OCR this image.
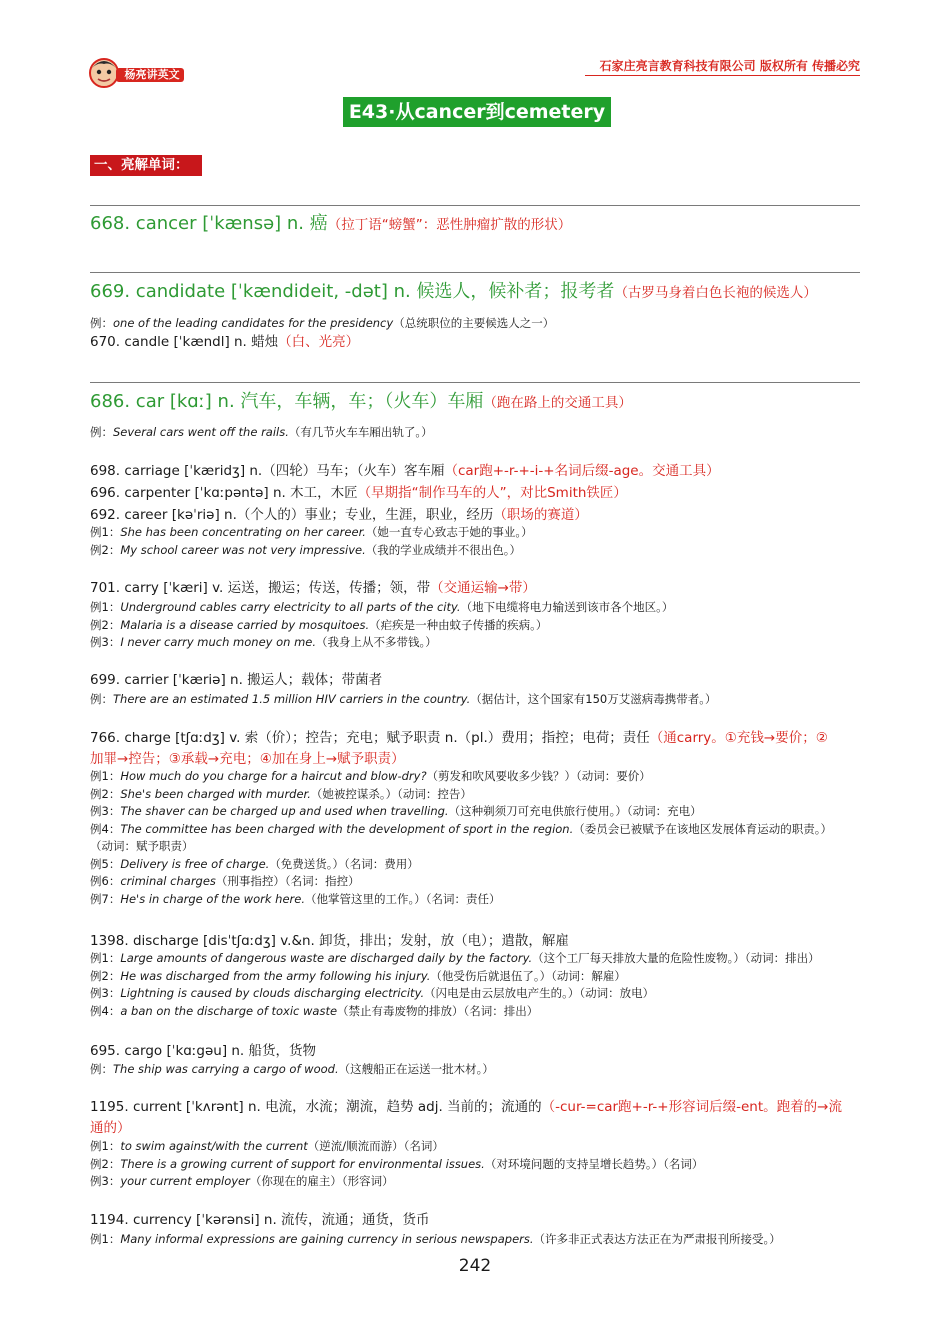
杨亮讲英文
石家庄亮言教育科技有限公司 版权所有 传播必究
E43·从cancer到cemetery
一、亮解单词：
668. cancer [ˈkænsə] n. 癌（拉丁语“螃蟹”：恶性肿瘤扩散的形状）
669. candidate [ˈkændideit, -dət] n. 候选人，候补者；报考者（古罗马身着白色长袍的候选人）
例：one of the leading candidates for the presidency（总统职位的主要候选人之一）
670. candle [ˈkændl] n. 蜡烛（白、光亮）
686. car [kɑː] n. 汽车，车辆，车；（火车）车厢（跑在路上的交通工具）
例：Several cars went off the rails.（有几节火车车厢出轨了。）
698. carriage [ˈkæridʒ] n.（四轮）马车；（火车）客车厢（car跑+-r-+-i-+名词后缀-age。交通工具）
696. carpenter [ˈkɑːpəntə] n. 木工，木匠（早期指“制作马车的人”，对比Smith铁匠）
692. career [kəˈriə] n.（个人的）事业；专业，生涯，职业，经历（职场的赛道）
例1：She has been concentrating on her career.（她一直专心致志于她的事业。）
例2：My school career was not very impressive.（我的学业成绩并不很出色。）
701. carry [ˈkæri] v. 运送，搬运；传送，传播；领，带（交通运输→带）
例1：Underground cables carry electricity to all parts of the city.（地下电缆将电力输送到该市各个地区。）
例2：Malaria is a disease carried by mosquitoes.（疟疾是一种由蚊子传播的疾病。）
例3：I never carry much money on me.（我身上从不多带钱。）
699. carrier [ˈkæriə] n. 搬运人；载体；带菌者
例：There are an estimated 1.5 million HIV carriers in the country.（据估计，这个国家有150万艾滋病毒携带者。）
766. charge [tʃɑːdʒ] v. 索（价）；控告；充电；赋予职责 n.（pl.）费用；指控；电荷；责任（通carry。①充钱→要价；②
加罪→控告；③承载→充电；④加在身上→赋予职责）
例1：How much do you charge for a haircut and blow-dry?（剪发和吹风要收多少钱？）（动词：要价）
例2：She's been charged with murder.（她被控谋杀。）（动词：控告）
例3：The shaver can be charged up and used when travelling.（这种剃须刀可充电供旅行使用。）（动词：充电）
例4：The committee has been charged with the development of sport in the region.（委员会已被赋予在该地区发展体育运动的职责。）
（动词：赋予职责）
例5：Delivery is free of charge.（免费送货。）（名词：费用）
例6：criminal charges（刑事指控）（名词：指控）
例7：He's in charge of the work here.（他掌管这里的工作。）（名词：责任）
1398. discharge [disˈtʃɑːdʒ] v.&n. 卸货，排出；发射，放（电）；遣散，解雇
例1：Large amounts of dangerous waste are discharged daily by the factory.（这个工厂每天排放大量的危险性废物。）（动词：排出）
例2：He was discharged from the army following his injury.（他受伤后就退伍了。）（动词：解雇）
例3：Lightning is caused by clouds discharging electricity.（闪电是由云层放电产生的。）（动词：放电）
例4：a ban on the discharge of toxic waste（禁止有毒废物的排放）（名词：排出）
695. cargo [ˈkɑːgəu] n. 船货，货物
例：The ship was carrying a cargo of wood.（这艘船正在运送一批木材。）
1195. current [ˈkʌrənt] n. 电流，水流；潮流，趋势 adj. 当前的；流通的（-cur-=car跑+-r-+形容词后缀-ent。跑着的→流
通的）
例1：to swim against/with the current（逆流/顺流而游）（名词）
例2：There is a growing current of support for environmental issues.（对环境问题的支持呈增长趋势。）（名词）
例3：your current employer（你现在的雇主）（形容词）
1194. currency [ˈkərənsi] n. 流传，流通；通货，货币
例1：Many informal expressions are gaining currency in serious newspapers.（许多非正式表达方法正在为严肃报刊所接受。）
242
